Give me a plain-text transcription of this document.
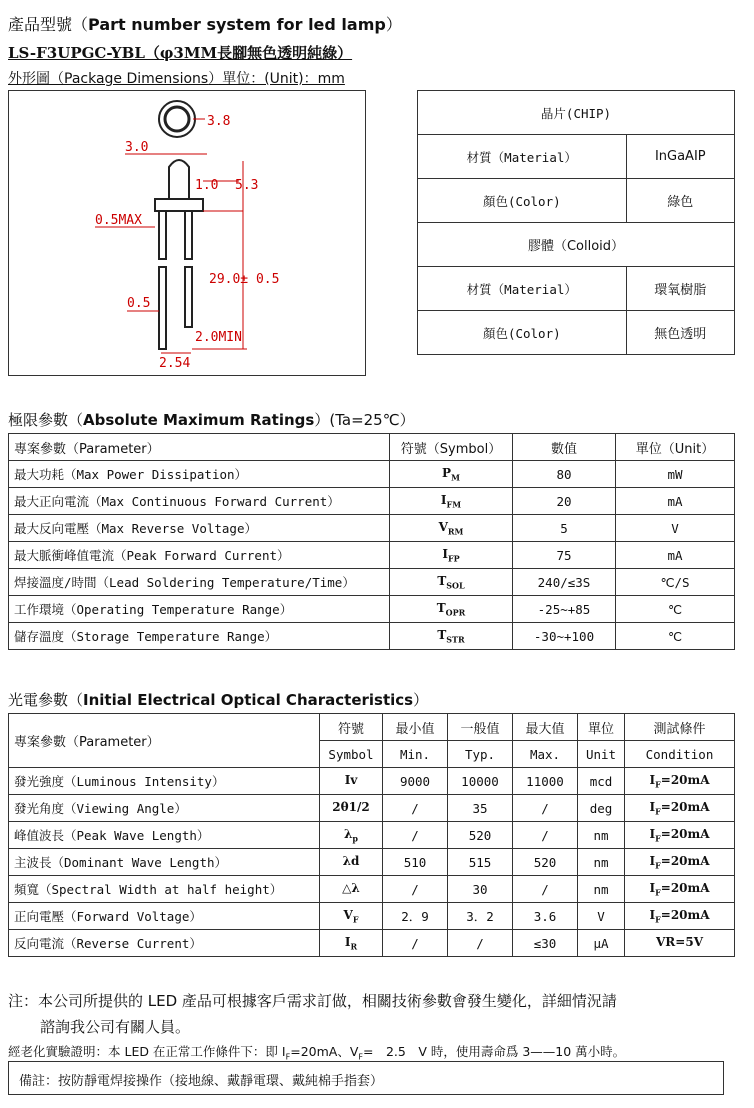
產品型號（Part number system for led lamp）
LS-F3UPGC-YBL（φ3MM長腳無色透明純綠）
外形圖（Package Dimensions）單位：(Unit)：mm
3.8
3.0
1.0 5.3
0.5MAX
29.0± 0.5
0.5
2.0MIN
2.54
晶片(CHIP)	
材質（Material）	InGaAIP
顏色(Color)	綠色
膠體（Colloid）	
材質（Material）	環氧樹脂
顏色(Color)	無色透明
極限參數（Absolute Maximum Ratings）(Ta=25℃）
專案參數（Parameter）	符號（Symbol）	數值	單位（Unit）
最大功耗（Max Power Dissipation）	$P_M$	80	mW
最大正向電流（Max Continuous Forward Current）	$I_{FM}$	20	mA
最大反向電壓（Max Reverse Voltage）	$V_{RM}$	5	V
最大脈衝峰值電流（Peak Forward Current）	$I_{FP}$	75	mA
焊接溫度/時間（Lead Soldering Temperature/Time）	$T_{SOL}$	240/≤3S	℃/S
工作環境（Operating Temperature Range）	$T_{OPR}$	-25~+85	℃
儲存溫度（Storage Temperature Range）	$T_{STR}$	-30~+100	℃
光電參數（Initial Electrical Optical Characteristics）
專案參數（Parameter）	符號	最小值	一般值	最大值	單位	測試條件
	Symbol	Min.	Typ.	Max.	Unit	Condition
發光強度（Luminous Intensity）	Iv	9000	10000	11000	mcd	$I_F=20mA$
發光角度（Viewing Angle）	2θ1/2	/	35	/	deg	$I_F=20mA$
峰值波長（Peak Wave Length）	$\lambda_p$	/	520	/	nm	$I_F=20mA$
主波長（Dominant Wave Length）	λd	510	515	520	nm	$I_F=20mA$
頻寬（Spectral Width at half height）	△λ	/	30	/	nm	$I_F=20mA$
正向電壓（Forward Voltage）	$V_F$	2．9	3．2	3.6	V	$I_F=20mA$
反向電流（Reverse Current）	$I_R$	/	/	≤30	μA	VR=5V
注：本公司所提供的 LED 產品可根據客戶需求訂做，相關技術參數會發生變化，詳細情況請
諮詢我公司有關人員。
經老化實驗證明：本 LED 在正常工作條件下：即 $I_F=20mA$、$V_F=$　2.5　V 時，使用壽命爲 3——10 萬小時。
備註：按防靜電焊接操作（接地線、戴靜電環、戴純棉手指套）
